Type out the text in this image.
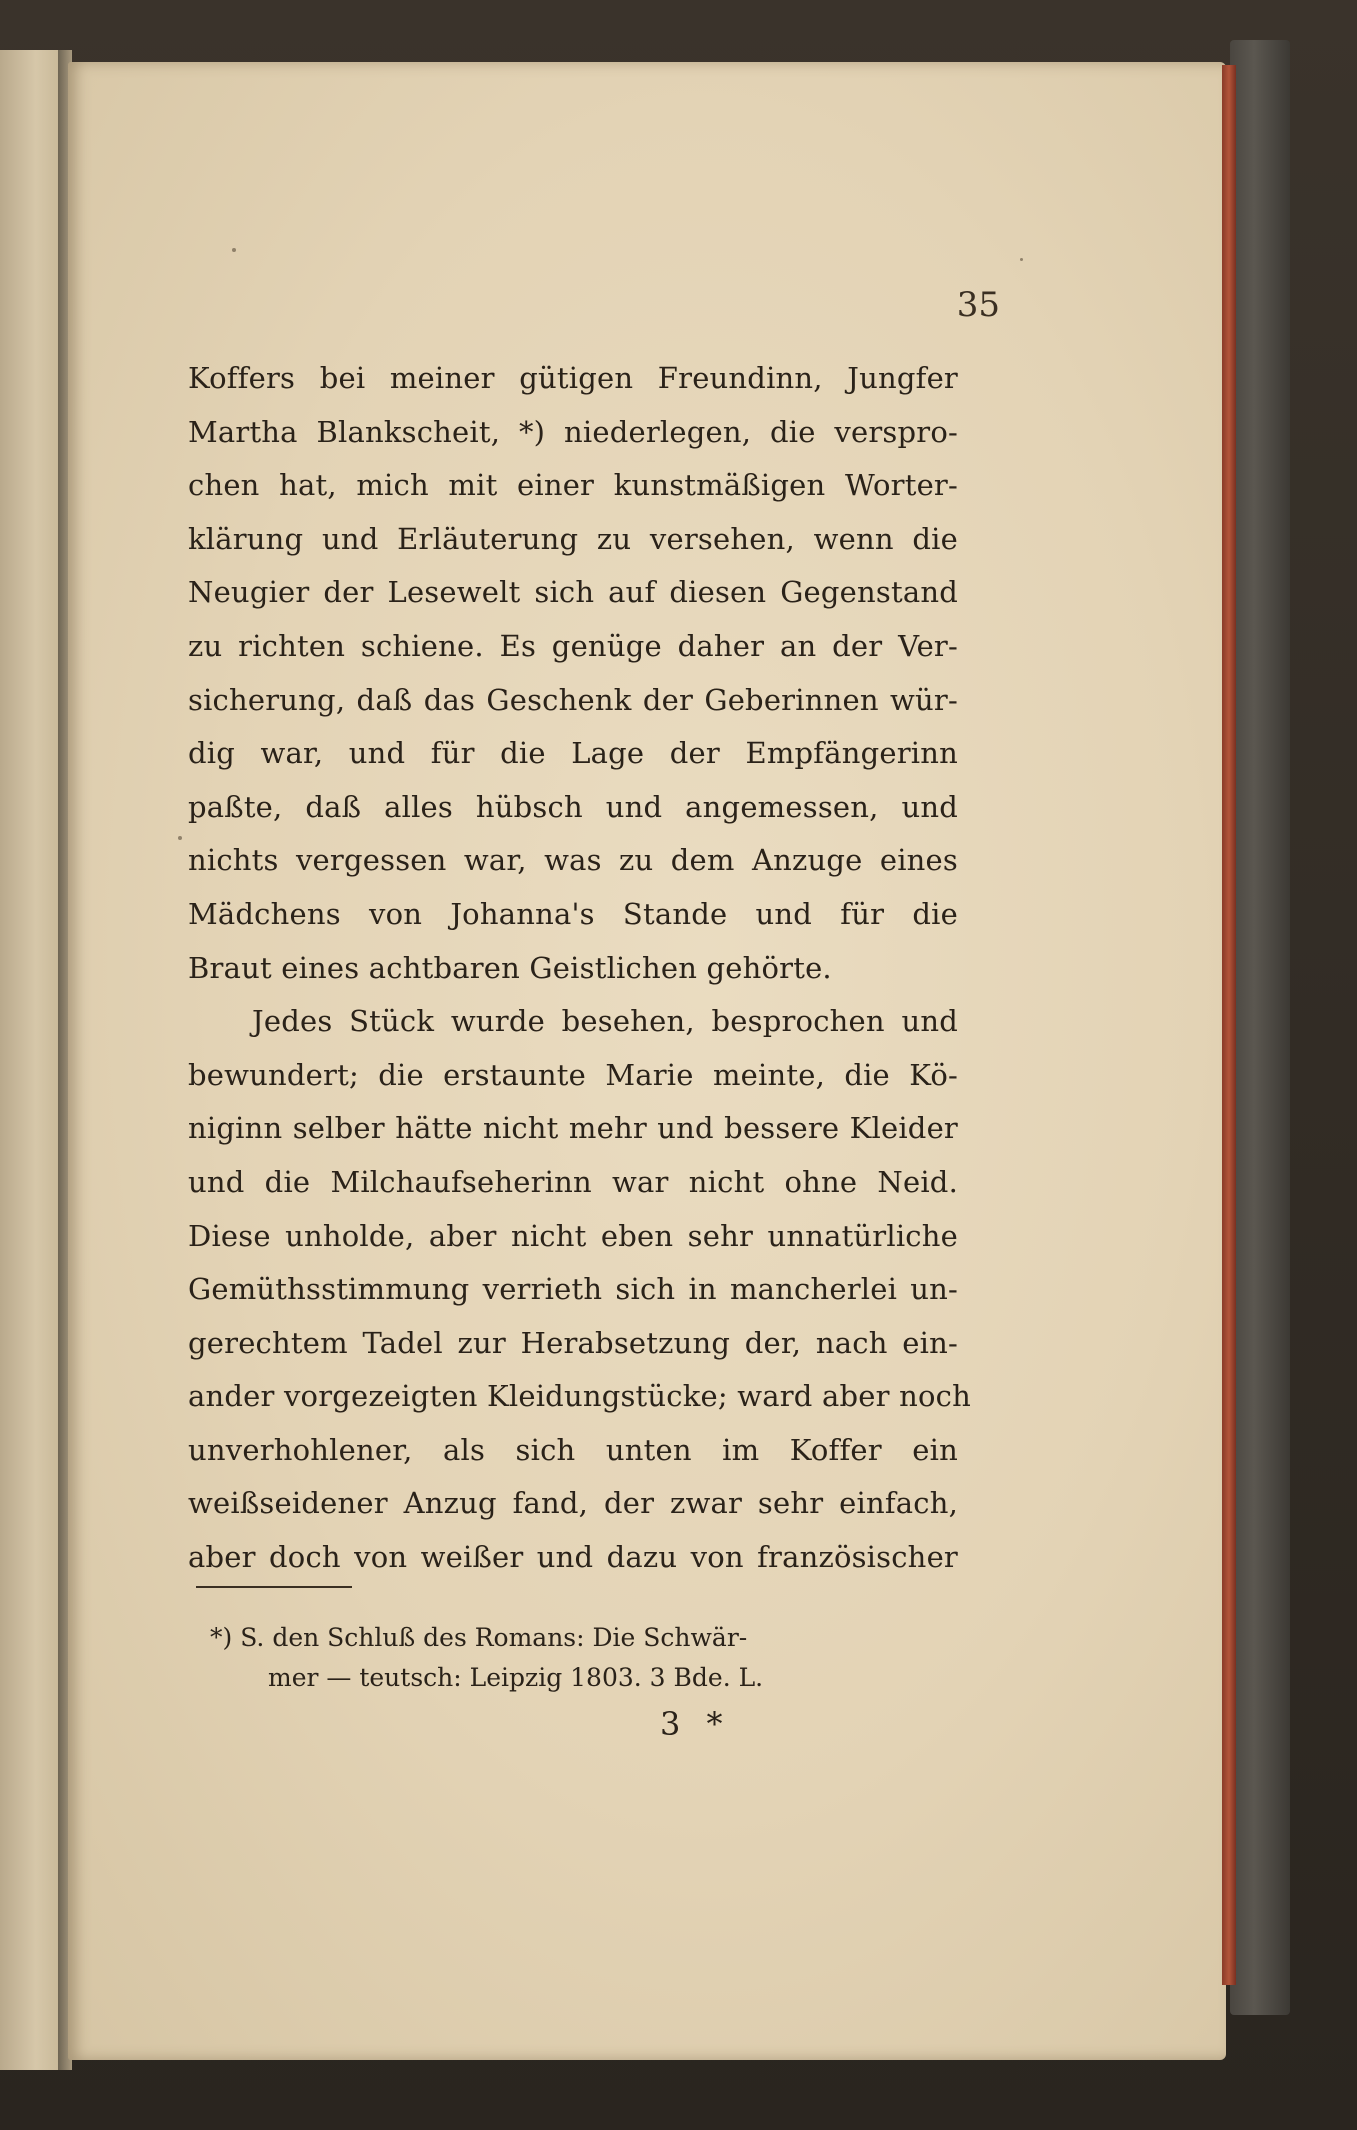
35
Koffers bei meiner gütigen Freundinn, Jungfer
Martha Blankscheit, *) niederlegen, die verspro-
chen hat, mich mit einer kunstmäßigen Worter-
klärung und Erläuterung zu versehen, wenn die
Neugier der Lesewelt sich auf diesen Gegenstand
zu richten schiene. Es genüge daher an der Ver-
sicherung, daß das Geschenk der Geberinnen wür-
dig war, und für die Lage der Empfängerinn
paßte, daß alles hübsch und angemessen, und
nichts vergessen war, was zu dem Anzuge eines
Mädchens von Johanna's Stande und für die
Braut eines achtbaren Geistlichen gehörte.
Jedes Stück wurde besehen, besprochen und
bewundert; die erstaunte Marie meinte, die Kö-
niginn selber hätte nicht mehr und bessere Kleider
und die Milchaufseherinn war nicht ohne Neid.
Diese unholde, aber nicht eben sehr unnatürliche
Gemüthsstimmung verrieth sich in mancherlei un-
gerechtem Tadel zur Herabsetzung der, nach ein-
ander vorgezeigten Kleidungstücke; ward aber noch
unverhohlener, als sich unten im Koffer ein
weißseidener Anzug fand, der zwar sehr einfach,
aber doch von weißer und dazu von französischer
*) S. den Schluß des Romans: Die Schwär-
mer — teutsch: Leipzig 1803. 3 Bde. L.
3 *
